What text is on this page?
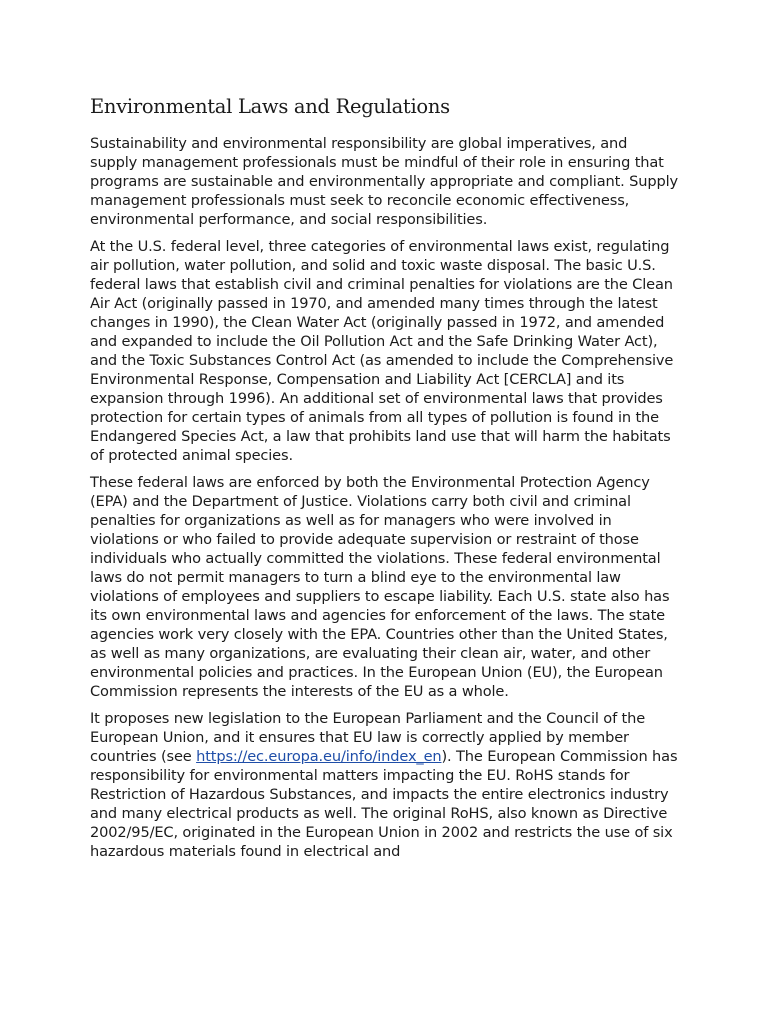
Environmental Laws and Regulations

Sustainability and environmental responsibility are global imperatives, and supply management professionals must be mindful of their role in ensuring that programs are sustainable and environmentally appropriate and compliant. Supply management professionals must seek to reconcile economic effectiveness, environmental performance, and social responsibilities.

At the U.S. federal level, three categories of environmental laws exist, regulating air pollution, water pollution, and solid and toxic waste disposal. The basic U.S. federal laws that establish civil and criminal penalties for violations are the Clean Air Act (originally passed in 1970, and amended many times through the latest changes in 1990), the Clean Water Act (originally passed in 1972, and amended and expanded to include the Oil Pollution Act and the Safe Drinking Water Act), and the Toxic Substances Control Act (as amended to include the Comprehensive Environmental Response, Compensation and Liability Act [CERCLA] and its expansion through 1996). An additional set of environmental laws that provides protection for certain types of animals from all types of pollution is found in the Endangered Species Act, a law that prohibits land use that will harm the habitats of protected animal species.

These federal laws are enforced by both the Environmental Protection Agency (EPA) and the Department of Justice. Violations carry both civil and criminal penalties for organizations as well as for managers who were involved in violations or who failed to provide adequate supervision or restraint of those individuals who actually committed the violations. These federal environmental laws do not permit managers to turn a blind eye to the environmental law violations of employees and suppliers to escape liability. Each U.S. state also has its own environmental laws and agencies for enforcement of the laws. The state agencies work very closely with the EPA. Countries other than the United States, as well as many organizations, are evaluating their clean air, water, and other environmental policies and practices. In the European Union (EU), the European Commission represents the interests of the EU as a whole.

It proposes new legislation to the European Parliament and the Council of the European Union, and it ensures that EU law is correctly applied by member countries (see https://ec.europa.eu/info/index_en). The European Commission has responsibility for environmental matters impacting the EU. RoHS stands for Restriction of Hazardous Substances, and impacts the entire electronics industry and many electrical products as well. The original RoHS, also known as Directive 2002/95/EC, originated in the European Union in 2002 and restricts the use of six hazardous materials found in electrical and
